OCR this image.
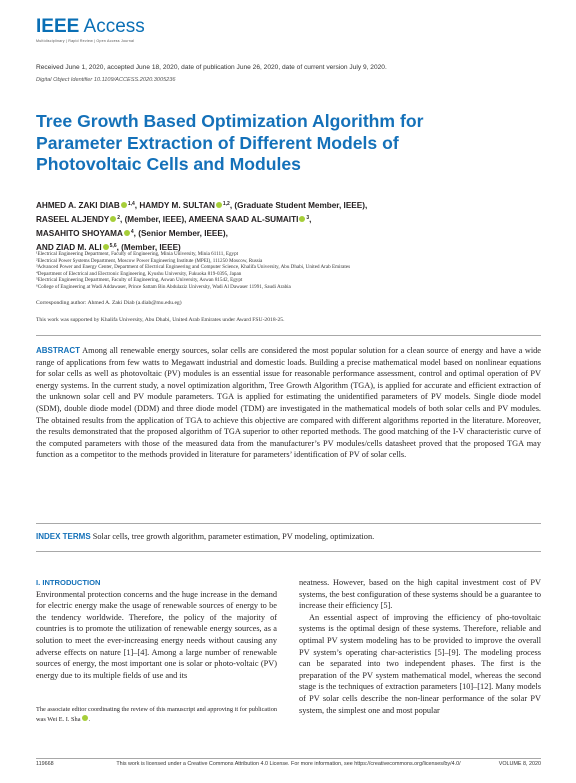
IEEE Access
Multidisciplinary | Rapid Review | Open Access Journal
Received June 1, 2020, accepted June 18, 2020, date of publication June 26, 2020, date of current version July 9, 2020.
Digital Object Identifier 10.1109/ACCESS.2020.3005236
Tree Growth Based Optimization Algorithm for Parameter Extraction of Different Models of Photovoltaic Cells and Modules
AHMED A. ZAKI DIAB $^{1,4}$, HAMDY M. SULTAN $^{1,2}$, (Graduate Student Member, IEEE),
RASEEL ALJENDY $^2$, (Member, IEEE), AMEENA SAAD AL-SUMAITI $^3$,
MASAHITO SHOYAMA $^4$, (Senior Member, IEEE),
AND ZIAD M. ALI $^{5,6}$, (Member, IEEE)
¹Electrical Engineering Department, Faculty of Engineering, Minia University, Minia 61111, Egypt
²Electrical Power Systems Department, Moscow Power Engineering Institute (MPEI), 111250 Moscow, Russia
³Advanced Power and Energy Center, Department of Electrical Engineering and Computer Science, Khalifa University, Abu Dhabi, United Arab Emirates
⁴Department of Electrical and Electronic Engineering, Kyushu University, Fukuoka 819-0395, Japan
⁵Electrical Engineering Department, Faculty of Engineering, Aswan University, Aswan 81542, Egypt
⁶College of Engineering at Wadi Addawaser, Prince Sattam Bin Abdulaziz University, Wadi Al Dawaser 11991, Saudi Arabia
Corresponding author: Ahmed A. Zaki Diab (a.diab@mu.edu.eg)
This work was supported by Khalifa University, Abu Dhabi, United Arab Emirates under Award FSU-2018-25.
ABSTRACT Among all renewable energy sources, solar cells are considered the most popular solution for a clean source of energy and have a wide range of applications from few watts to Megawatt industrial and domestic loads. Building a precise mathematical model based on nonlinear equations for solar cells as well as photovoltaic (PV) modules is an essential issue for reasonable performance assessment, control and optimal operation of PV energy systems. In the current study, a novel optimization algorithm, Tree Growth Algorithm (TGA), is applied for accurate and efficient extraction of the unknown solar cell and PV module parameters. TGA is applied for estimating the unidentified parameters of PV models. Single diode model (SDM), double diode model (DDM) and three diode model (TDM) are investigated in the mathematical models of both solar cells and PV modules. The obtained results from the application of TGA to achieve this objective are compared with different algorithms reported in the literature. Moreover, the results demonstrated that the proposed algorithm of TGA superior to other reported methods. The good matching of the I-V characteristic curve of the computed parameters with those of the measured data from the manufacturer’s PV modules/cells datasheet proved that the proposed TGA may function as a competitor to the methods provided in literature for parameters’ identification of PV of solar cells.
INDEX TERMS Solar cells, tree growth algorithm, parameter estimation, PV modeling, optimization.
I. INTRODUCTION

Environmental protection concerns and the huge increase in the demand for electric energy make the usage of renewable sources of energy to be the tendency worldwide. Therefore, the policy of the majority of countries is to promote the utilization of renewable energy sources, as a solution to meet the ever-increasing energy needs without causing any adverse effects on nature [1]–[4]. Among a large number of renewable sources of energy, the most important one is solar or photo-voltaic (PV) energy due to its multiple fields of use and its

neatness. However, based on the high capital investment cost of PV systems, the best configuration of these systems should be a guarantee to increase their efficiency [5].

An essential aspect of improving the efficiency of pho-tovoltaic systems is the optimal design of these systems. Therefore, reliable and optimal PV system modeling has to be provided to improve the overall PV system’s operating char-acteristics [5]–[9]. The modeling process can be separated into two independent phases. The first is the preparation of the PV system mathematical model, whereas the second stage is the techniques of extraction parameters [10]–[12]. Many models of PV solar cells describe the non-linear performance of the solar PV system, the simplest one and most popular

The associate editor coordinating the review of this manuscript and approving it for publication was Wei E. I. Sha .
119668	This work is licensed under a Creative Commons Attribution 4.0 License. For more information, see https://creativecommons.org/licenses/by/4.0/	VOLUME 8, 2020
